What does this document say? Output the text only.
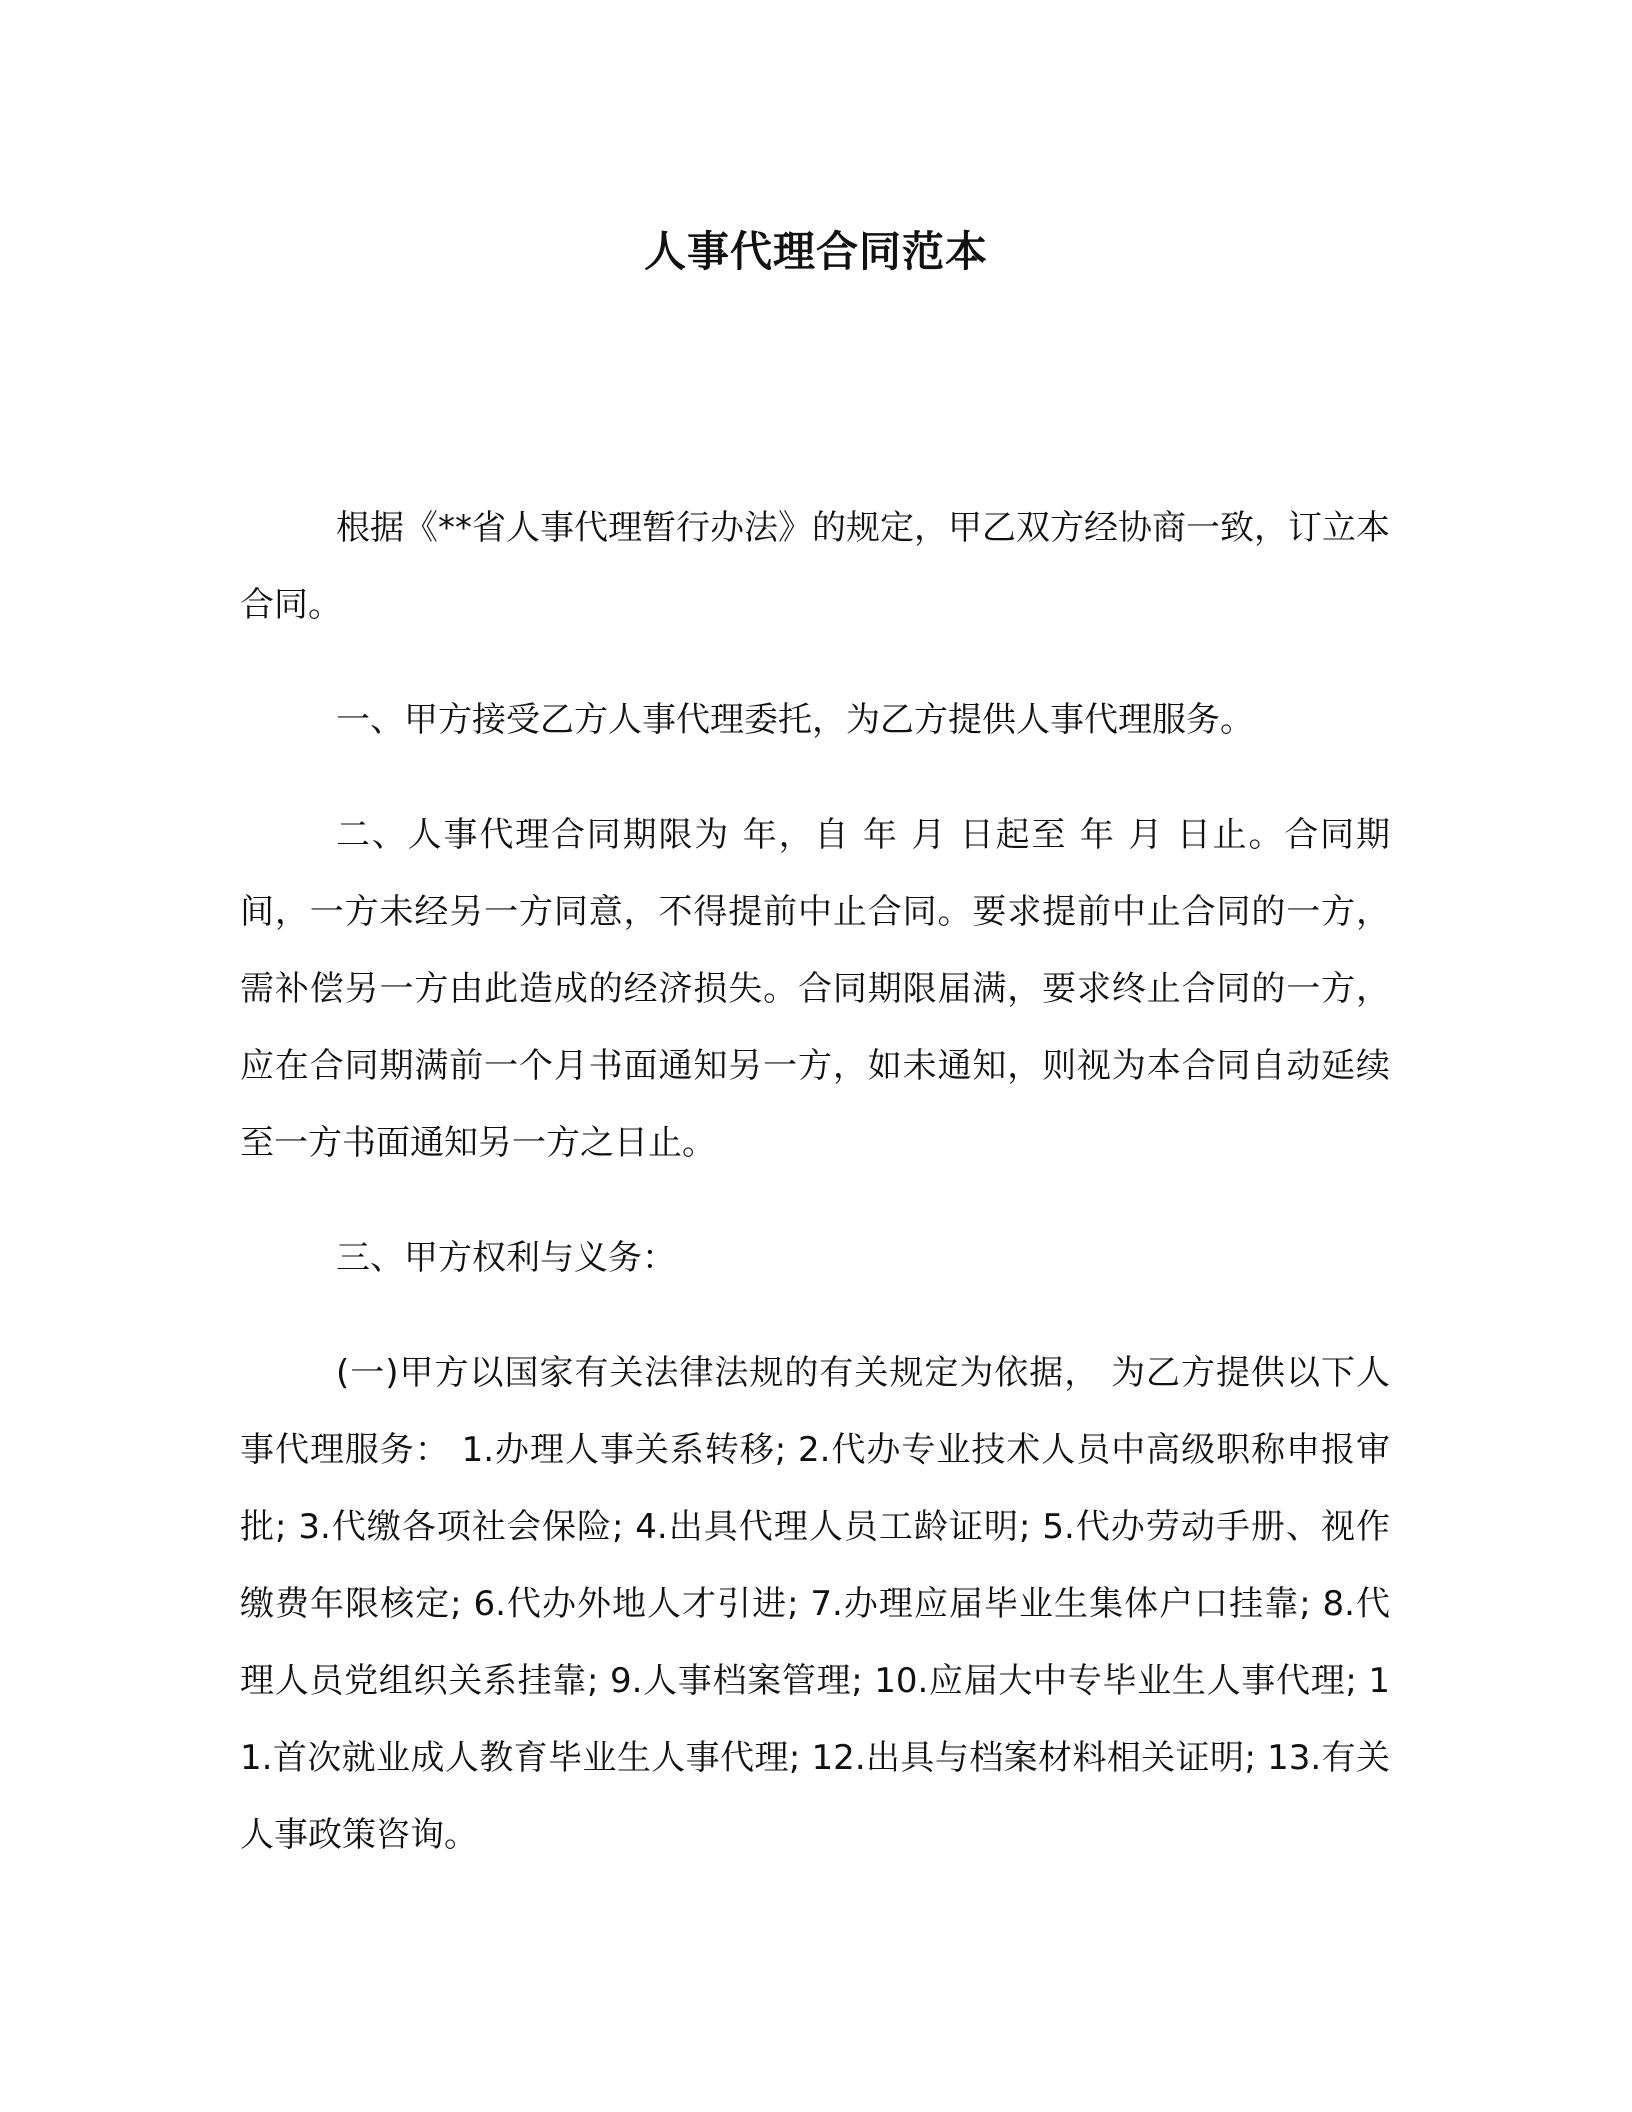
人事代理合同范本

根据《**省人事代理暂行办法》的规定，甲乙双方经协商一致，订立本合同。

一、甲方接受乙方人事代理委托，为乙方提供人事代理服务。

二、人事代理合同期限为 年，自 年 月 日起至 年 月 日止。合同期间，一方未经另一方同意，不得提前中止合同。要求提前中止合同的一方，需补偿另一方由此造成的经济损失。合同期限届满，要求终止合同的一方，应在合同期满前一个月书面通知另一方，如未通知，则视为本合同自动延续至一方书面通知另一方之日止。

三、甲方权利与义务：

(一)甲方以国家有关法律法规的有关规定为依据， 为乙方提供以下人事代理服务： 1.办理人事关系转移; 2.代办专业技术人员中高级职称申报审批; 3.代缴各项社会保险; 4.出具代理人员工龄证明; 5.代办劳动手册、视作缴费年限核定; 6.代办外地人才引进; 7.办理应届毕业生集体户口挂靠; 8.代理人员党组织关系挂靠; 9.人事档案管理; 10.应届大中专毕业生人事代理; 11.首次就业成人教育毕业生人事代理; 12.出具与档案材料相关证明; 13.有关人事政策咨询。
